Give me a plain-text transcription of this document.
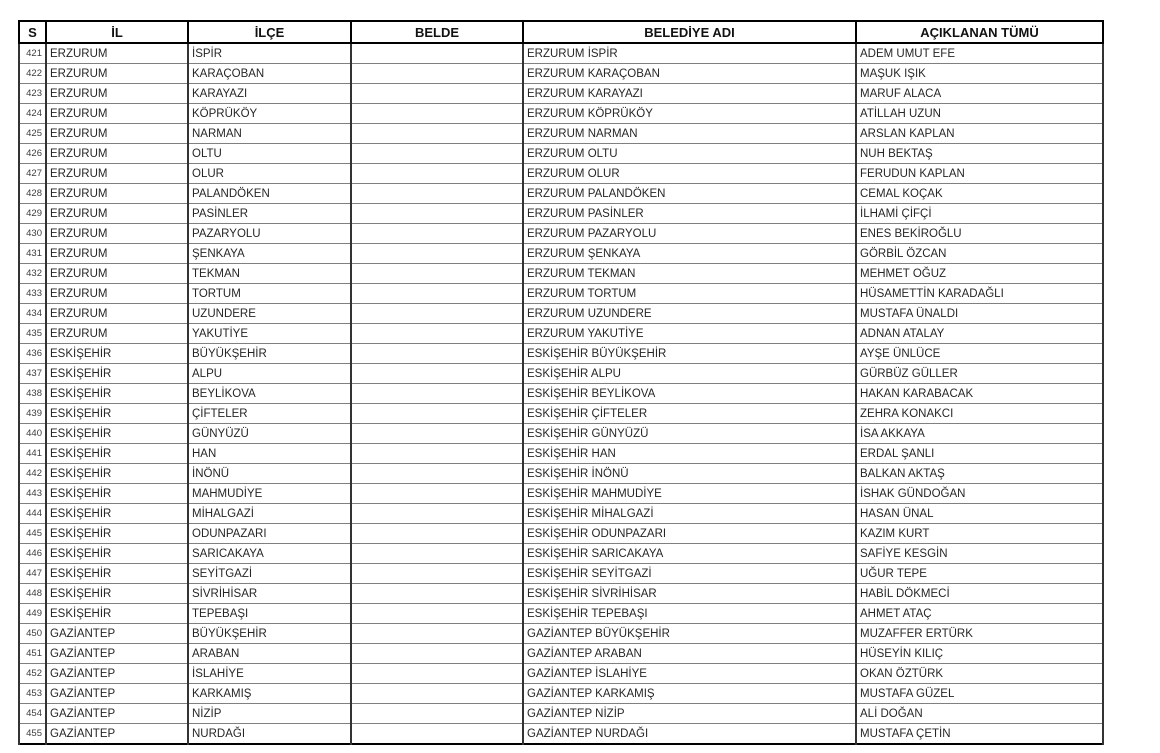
S	İL	İLÇE	BELDE	BELEDİYE ADI	AÇIKLANAN TÜMÜ
421	ERZURUM	İSPİR		ERZURUM İSPİR	ADEM UMUT EFE
422	ERZURUM	KARAÇOBAN		ERZURUM KARAÇOBAN	MAŞUK IŞIK
423	ERZURUM	KARAYAZI		ERZURUM KARAYAZI	MARUF ALACA
424	ERZURUM	KÖPRÜKÖY		ERZURUM KÖPRÜKÖY	ATİLLAH UZUN
425	ERZURUM	NARMAN		ERZURUM NARMAN	ARSLAN KAPLAN
426	ERZURUM	OLTU		ERZURUM OLTU	NUH BEKTAŞ
427	ERZURUM	OLUR		ERZURUM OLUR	FERUDUN KAPLAN
428	ERZURUM	PALANDÖKEN		ERZURUM PALANDÖKEN	CEMAL KOÇAK
429	ERZURUM	PASİNLER		ERZURUM PASİNLER	İLHAMİ ÇİFÇİ
430	ERZURUM	PAZARYOLU		ERZURUM PAZARYOLU	ENES BEKİROĞLU
431	ERZURUM	ŞENKAYA		ERZURUM ŞENKAYA	GÖRBİL ÖZCAN
432	ERZURUM	TEKMAN		ERZURUM TEKMAN	MEHMET OĞUZ
433	ERZURUM	TORTUM		ERZURUM TORTUM	HÜSAMETTİN KARADAĞLI
434	ERZURUM	UZUNDERE		ERZURUM UZUNDERE	MUSTAFA ÜNALDI
435	ERZURUM	YAKUTİYE		ERZURUM YAKUTİYE	ADNAN ATALAY
436	ESKİŞEHİR	BÜYÜKŞEHİR		ESKİŞEHİR BÜYÜKŞEHİR	AYŞE ÜNLÜCE
437	ESKİŞEHİR	ALPU		ESKİŞEHİR ALPU	GÜRBÜZ GÜLLER
438	ESKİŞEHİR	BEYLİKOVA		ESKİŞEHİR BEYLİKOVA	HAKAN KARABACAK
439	ESKİŞEHİR	ÇİFTELER		ESKİŞEHİR ÇİFTELER	ZEHRA KONAKCI
440	ESKİŞEHİR	GÜNYÜZÜ		ESKİŞEHİR GÜNYÜZÜ	İSA AKKAYA
441	ESKİŞEHİR	HAN		ESKİŞEHİR HAN	ERDAL ŞANLI
442	ESKİŞEHİR	İNÖNÜ		ESKİŞEHİR İNÖNÜ	BALKAN AKTAŞ
443	ESKİŞEHİR	MAHMUDİYE		ESKİŞEHİR MAHMUDİYE	İSHAK GÜNDOĞAN
444	ESKİŞEHİR	MİHALGAZİ		ESKİŞEHİR MİHALGAZİ	HASAN ÜNAL
445	ESKİŞEHİR	ODUNPAZARI		ESKİŞEHİR ODUNPAZARI	KAZIM KURT
446	ESKİŞEHİR	SARICAKAYA		ESKİŞEHİR SARICAKAYA	SAFİYE KESGİN
447	ESKİŞEHİR	SEYİTGAZİ		ESKİŞEHİR SEYİTGAZİ	UĞUR TEPE
448	ESKİŞEHİR	SİVRİHİSAR		ESKİŞEHİR SİVRİHİSAR	HABİL DÖKMECİ
449	ESKİŞEHİR	TEPEBAŞI		ESKİŞEHİR TEPEBAŞI	AHMET ATAÇ
450	GAZİANTEP	BÜYÜKŞEHİR		GAZİANTEP BÜYÜKŞEHİR	MUZAFFER ERTÜRK
451	GAZİANTEP	ARABAN		GAZİANTEP ARABAN	HÜSEYİN KILIÇ
452	GAZİANTEP	İSLAHİYE		GAZİANTEP İSLAHİYE	OKAN ÖZTÜRK
453	GAZİANTEP	KARKAMIŞ		GAZİANTEP KARKAMIŞ	MUSTAFA GÜZEL
454	GAZİANTEP	NİZİP		GAZİANTEP NİZİP	ALİ DOĞAN
455	GAZİANTEP	NURDAĞI		GAZİANTEP NURDAĞI	MUSTAFA ÇETİN
